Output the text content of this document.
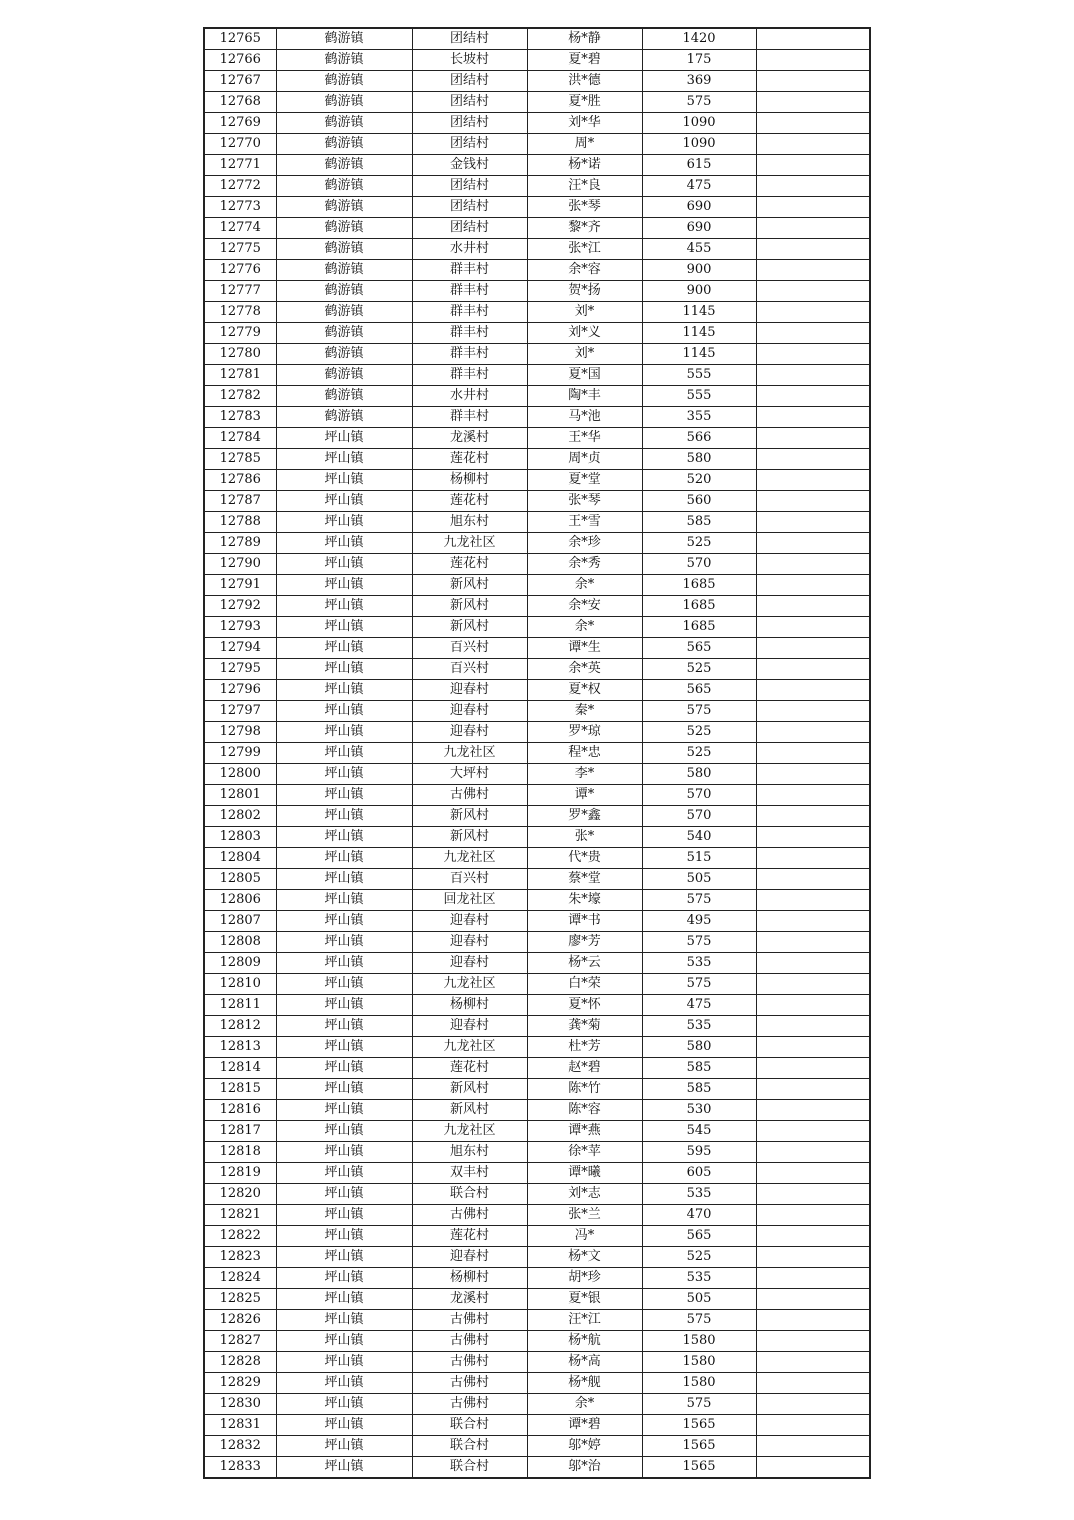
12765	鹤游镇	团结村	杨*静	1420	
12766	鹤游镇	长坡村	夏*碧	175	
12767	鹤游镇	团结村	洪*德	369	
12768	鹤游镇	团结村	夏*胜	575	
12769	鹤游镇	团结村	刘*华	1090	
12770	鹤游镇	团结村	周*	1090	
12771	鹤游镇	金钱村	杨*诺	615	
12772	鹤游镇	团结村	汪*良	475	
12773	鹤游镇	团结村	张*琴	690	
12774	鹤游镇	团结村	黎*齐	690	
12775	鹤游镇	水井村	张*江	455	
12776	鹤游镇	群丰村	余*容	900	
12777	鹤游镇	群丰村	贺*扬	900	
12778	鹤游镇	群丰村	刘*	1145	
12779	鹤游镇	群丰村	刘*义	1145	
12780	鹤游镇	群丰村	刘*	1145	
12781	鹤游镇	群丰村	夏*国	555	
12782	鹤游镇	水井村	陶*丰	555	
12783	鹤游镇	群丰村	马*池	355	
12784	坪山镇	龙溪村	王*华	566	
12785	坪山镇	莲花村	周*贞	580	
12786	坪山镇	杨柳村	夏*堂	520	
12787	坪山镇	莲花村	张*琴	560	
12788	坪山镇	旭东村	王*雪	585	
12789	坪山镇	九龙社区	余*珍	525	
12790	坪山镇	莲花村	余*秀	570	
12791	坪山镇	新风村	余*	1685	
12792	坪山镇	新风村	余*安	1685	
12793	坪山镇	新风村	余*	1685	
12794	坪山镇	百兴村	谭*生	565	
12795	坪山镇	百兴村	余*英	525	
12796	坪山镇	迎春村	夏*权	565	
12797	坪山镇	迎春村	秦*	575	
12798	坪山镇	迎春村	罗*琼	525	
12799	坪山镇	九龙社区	程*忠	525	
12800	坪山镇	大坪村	李*	580	
12801	坪山镇	古佛村	谭*	570	
12802	坪山镇	新风村	罗*鑫	570	
12803	坪山镇	新风村	张*	540	
12804	坪山镇	九龙社区	代*贵	515	
12805	坪山镇	百兴村	蔡*堂	505	
12806	坪山镇	回龙社区	朱*壕	575	
12807	坪山镇	迎春村	谭*书	495	
12808	坪山镇	迎春村	廖*芳	575	
12809	坪山镇	迎春村	杨*云	535	
12810	坪山镇	九龙社区	白*荣	575	
12811	坪山镇	杨柳村	夏*怀	475	
12812	坪山镇	迎春村	龚*菊	535	
12813	坪山镇	九龙社区	杜*芳	580	
12814	坪山镇	莲花村	赵*碧	585	
12815	坪山镇	新风村	陈*竹	585	
12816	坪山镇	新风村	陈*容	530	
12817	坪山镇	九龙社区	谭*燕	545	
12818	坪山镇	旭东村	徐*苹	595	
12819	坪山镇	双丰村	谭*曦	605	
12820	坪山镇	联合村	刘*志	535	
12821	坪山镇	古佛村	张*兰	470	
12822	坪山镇	莲花村	冯*	565	
12823	坪山镇	迎春村	杨*文	525	
12824	坪山镇	杨柳村	胡*珍	535	
12825	坪山镇	龙溪村	夏*银	505	
12826	坪山镇	古佛村	汪*江	575	
12827	坪山镇	古佛村	杨*航	1580	
12828	坪山镇	古佛村	杨*高	1580	
12829	坪山镇	古佛村	杨*舰	1580	
12830	坪山镇	古佛村	余*	575	
12831	坪山镇	联合村	谭*碧	1565	
12832	坪山镇	联合村	邬*婷	1565	
12833	坪山镇	联合村	邬*治	1565	
